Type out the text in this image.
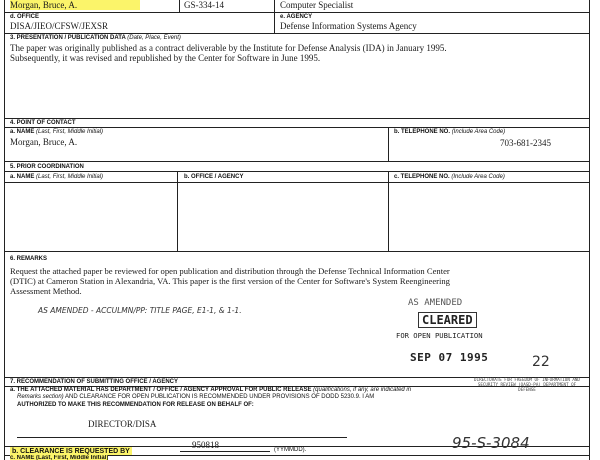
Morgan, Bruce, A.	GS-334-14	Computer Specialist
d. OFFICE
DISA/JIEO/CFSW/JEXSR
e. AGENCY
Defense Information Systems Agency
3. PRESENTATION / PUBLICATION DATA (Date, Place, Event)
The paper was originally published as a contract deliverable by the Institute for Defense Analysis (IDA) in January 1995.
Subsequently, it was revised and republished by the Center for Software in June 1995.
4. POINT OF CONTACT
a. NAME (Last, First, Middle Initial)
Morgan, Bruce, A.
b. TELEPHONE NO. (Include Area Code)
703-681-2345
5. PRIOR COORDINATION
a. NAME (Last, First, Middle Initial)	b. OFFICE / AGENCY	c. TELEPHONE NO. (Include Area Code)
6. REMARKS
Request the attached paper be reviewed for open publication and distribution through the Defense Technical Information Center
(DTIC) at Cameron Station in Alexandria, VA. This paper is the first version of the Center for Software's System Reengineering
Assessment Method.
AS AMENDED - ACCULMN/PP: TITLE PAGE, E1-1, & 1-1.
AS AMENDED
CLEARED
FOR OPEN PUBLICATION
SEP 07 1995	22
7. RECOMMENDATION OF SUBMITTING OFFICE / AGENCY	DIRECTORATE FOR FREEDOM OF INFORMATION AND SECURITY REVIEW (OASD-PA) DEPARTMENT OF DEFENSE
a. THE ATTACHED MATERIAL HAS DEPARTMENT / OFFICE / AGENCY APPROVAL FOR PUBLIC RELEASE (qualifications, if any, are indicated in
Remarks section) AND CLEARANCE FOR OPEN PUBLICATION IS RECOMMENDED UNDER PROVISIONS OF DODD 5230.9. I AM
AUTHORIZED TO MAKE THIS RECOMMENDATION FOR RELEASE ON BEHALF OF:
DIRECTOR/DISA
b. CLEARANCE IS REQUESTED BY
950818	(YYMMDD).	95-S-3084
c. NAME (Last, First, Middle Initial)
